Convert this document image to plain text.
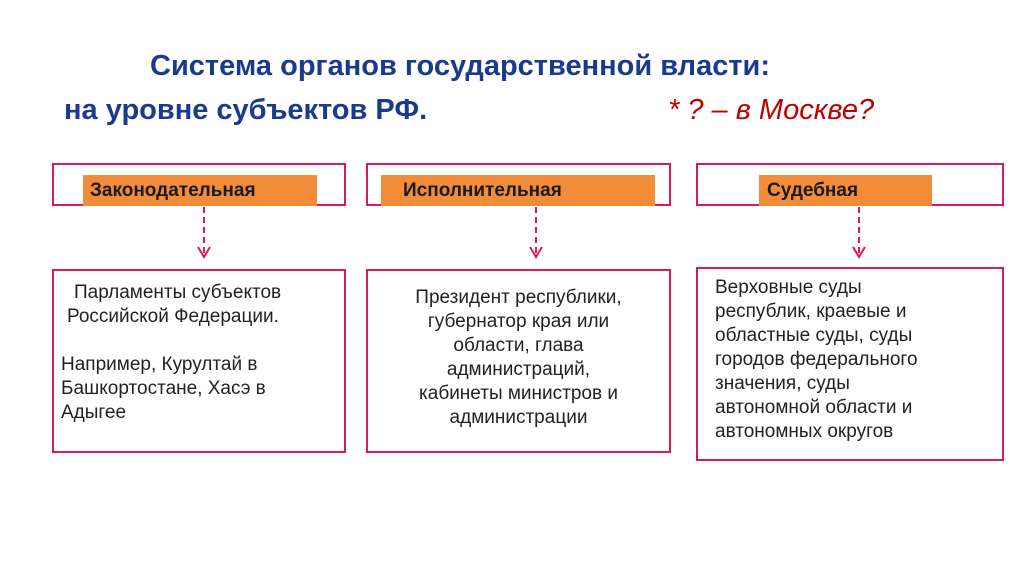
Система органов государственной власти:
на уровне субъектов РФ.	* ? – в Москве?
Законодательная
Парламенты субъектов
Российской Федерации.
Например, Курултай в
Башкортостане, Хасэ в
Адыгее
Исполнительная
Президент республики,
губернатор края или
области, глава
администраций,
кабинеты министров и
администрации
Судебная
Верховные суды
республик, краевые и
областные суды, суды
городов федерального
значения, суды
автономной области и
автономных округов
